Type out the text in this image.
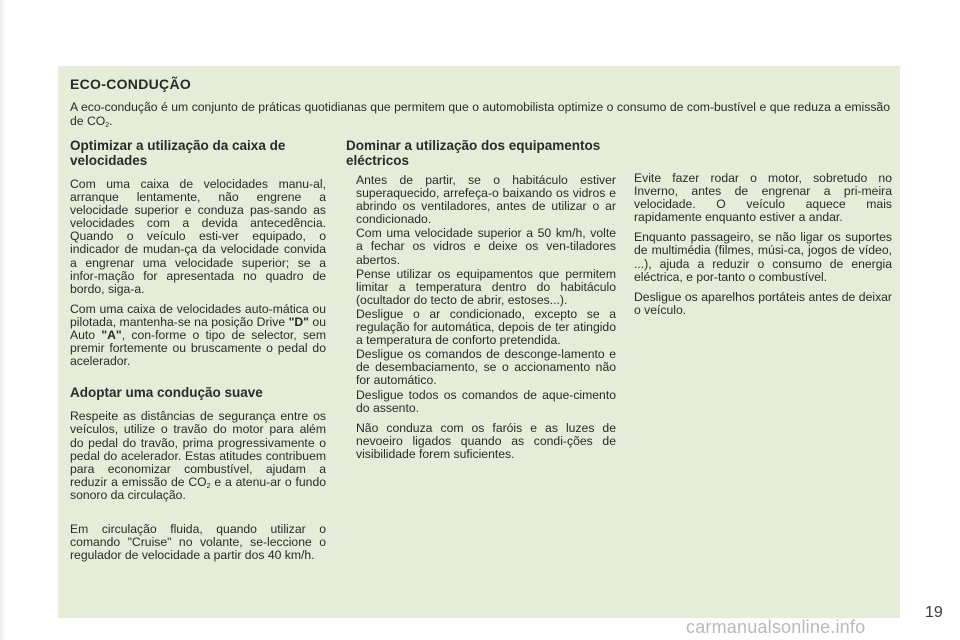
ECO-CONDUÇÃO

A eco-condução é um conjunto de práticas quotidianas que permitem que o automobilista optimize o consumo de com-bustível e que reduza a emissão de $CO_2$.

Optimizar a utilização da caixa de velocidades

Com uma caixa de velocidades manu-al, arranque lentamente, não engrene a velocidade superior e conduza pas-sando as velocidades com a devida antecedência. Quando o veículo esti-ver equipado, o indicador de mudan-ça da velocidade convida a engrenar uma velocidade superior; se a infor-mação for apresentada no quadro de bordo, siga-a.

Com uma caixa de velocidades auto-mática ou pilotada, mantenha-se na posição Drive "D" ou Auto "A", con-forme o tipo de selector, sem premir fortemente ou bruscamente o pedal do acelerador.

Adoptar uma condução suave

Respeite as distâncias de segurança entre os veículos, utilize o travão do motor para além do pedal do travão, prima progressivamente o pedal do acelerador. Estas atitudes contribuem para economizar combustível, ajudam a reduzir a emissão de $CO_2$ e a atenu-ar o fundo sonoro da circulação.

Em circulação fluida, quando utilizar o comando "Cruise" no volante, se-leccione o regulador de velocidade a partir dos 40 km/h.

Dominar a utilização dos equipamentos eléctricos

Antes de partir, se o habitáculo estiver superaquecido, arrefeça-o baixando os vidros e abrindo os ventiladores, antes de utilizar o ar condicionado.

Com uma velocidade superior a 50 km/h, volte a fechar os vidros e deixe os ven-tiladores abertos.

Pense utilizar os equipamentos que permitem limitar a temperatura dentro do habitáculo (ocultador do tecto de abrir, estoses...).

Desligue o ar condicionado, excepto se a regulação for automática, depois de ter atingido a temperatura de conforto pretendida.

Desligue os comandos de desconge-lamento e de desembaciamento, se o accionamento não for automático.

Desligue todos os comandos de aque-cimento do assento.

Não conduza com os faróis e as luzes de nevoeiro ligados quando as condi-ções de visibilidade forem suficientes.

Evite fazer rodar o motor, sobretudo no Inverno, antes de engrenar a pri-meira velocidade. O veículo aquece mais rapidamente enquanto estiver a andar.

Enquanto passageiro, se não ligar os suportes de multimédia (filmes, músi-ca, jogos de vídeo, ...), ajuda a reduzir o consumo de energia eléctrica, e por-tanto o combustível.

Desligue os aparelhos portáteis antes de deixar o veículo.

19
carmanualsonline.info
